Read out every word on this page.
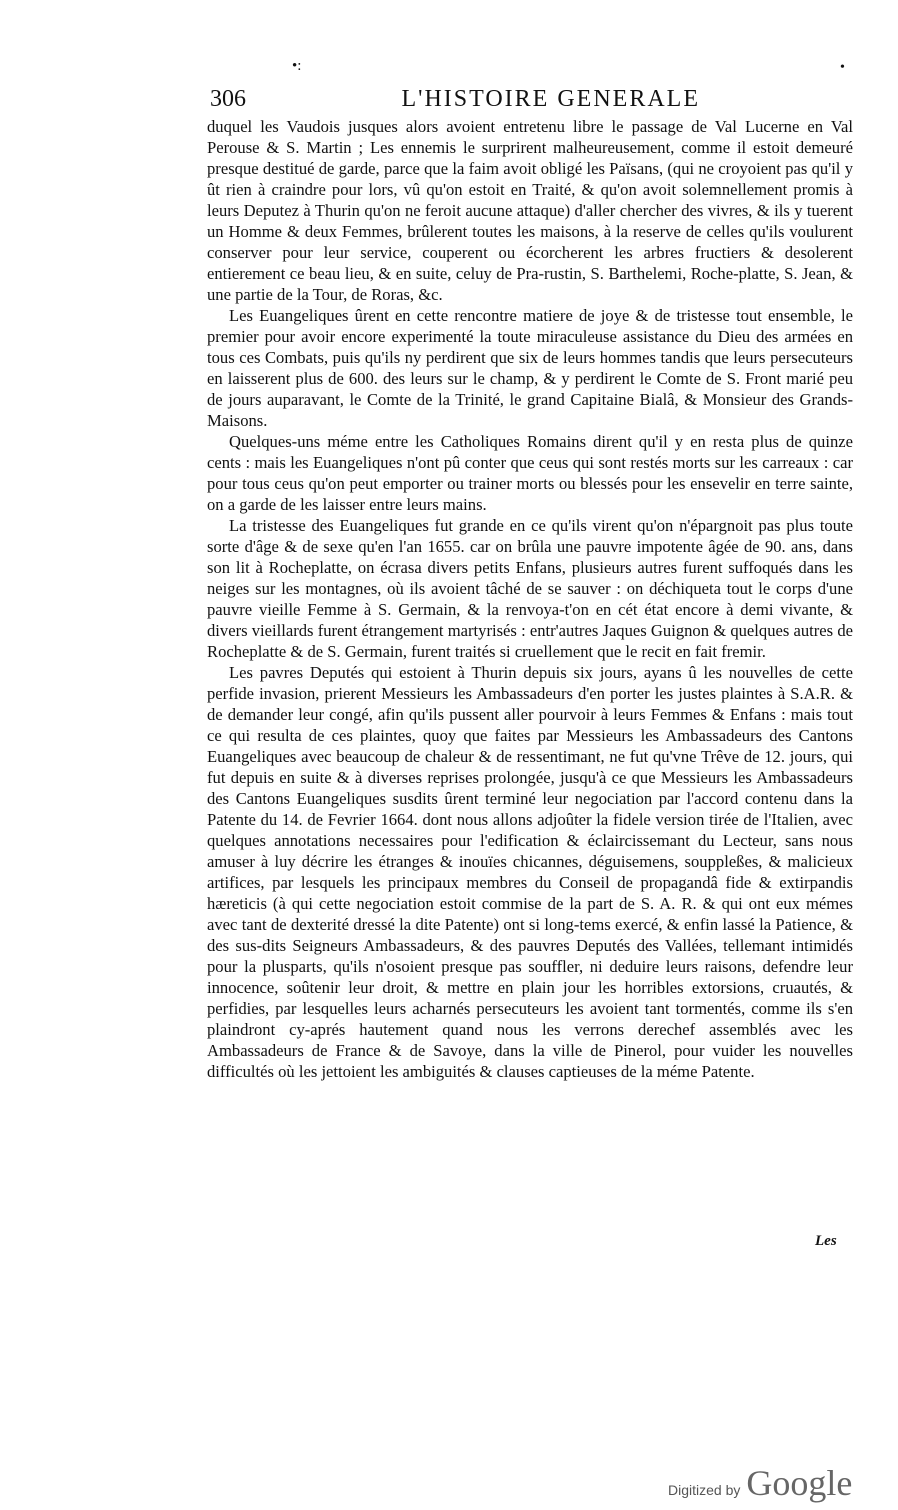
•:	•
306	L'HISTOIRE GENERALE

duquel les Vaudois jusques alors avoient entretenu libre le passage de Val Lucerne en Val Perouse & S. Martin ; Les ennemis le surprirent malheureusement, comme il estoit demeuré presque destitué de garde, parce que la faim avoit obligé les Païsans, (qui ne croyoient pas qu'il y ût rien à craindre pour lors, vû qu'on estoit en Traité, & qu'on avoit solemnellement promis à leurs Deputez à Thurin qu'on ne feroit aucune attaque) d'aller chercher des vivres, & ils y tuerent un Homme & deux Femmes, brûlerent toutes les maisons, à la reserve de celles qu'ils voulurent conserver pour leur service, couperent ou écorcherent les arbres fructiers & desolerent entierement ce beau lieu, & en suite, celuy de Pra-rustin, S. Barthelemi, Roche-platte, S. Jean, & une partie de la Tour, de Roras, &c.

Les Euangeliques ûrent en cette rencontre matiere de joye & de tristesse tout ensemble, le premier pour avoir encore experimenté la toute miraculeuse assistance du Dieu des armées en tous ces Combats, puis qu'ils ny perdirent que six de leurs hommes tandis que leurs persecuteurs en laisserent plus de 600. des leurs sur le champ, & y perdirent le Comte de S. Front marié peu de jours auparavant, le Comte de la Trinité, le grand Capitaine Bialâ, & Monsieur des Grands-Maisons.

Quelques-uns méme entre les Catholiques Romains dirent qu'il y en resta plus de quinze cents : mais les Euangeliques n'ont pû conter que ceus qui sont restés morts sur les carreaux : car pour tous ceus qu'on peut emporter ou trainer morts ou blessés pour les ensevelir en terre sainte, on a garde de les laisser entre leurs mains.

La tristesse des Euangeliques fut grande en ce qu'ils virent qu'on n'épargnoit pas plus toute sorte d'âge & de sexe qu'en l'an 1655. car on brûla une pauvre impotente âgée de 90. ans, dans son lit à Rocheplatte, on écrasa divers petits Enfans, plusieurs autres furent suffoqués dans les neiges sur les montagnes, où ils avoient tâché de se sauver : on déchiqueta tout le corps d'une pauvre vieille Femme à S. Germain, & la renvoya-t'on en cét état encore à demi vivante, & divers vieillards furent étrangement martyrisés : entr'autres Jaques Guignon & quelques autres de Rocheplatte & de S. Germain, furent traités si cruellement que le recit en fait fremir.

Les pavres Deputés qui estoient à Thurin depuis six jours, ayans û les nouvelles de cette perfide invasion, prierent Messieurs les Ambassadeurs d'en porter les justes plaintes à S.A.R. & de demander leur congé, afin qu'ils pussent aller pourvoir à leurs Femmes & Enfans : mais tout ce qui resulta de ces plaintes, quoy que faites par Messieurs les Ambassadeurs des Cantons Euangeliques avec beaucoup de chaleur & de ressentimant, ne fut qu'vne Trêve de 12. jours, qui fut depuis en suite & à diverses reprises prolongée, jusqu'à ce que Messieurs les Ambassadeurs des Cantons Euangeliques susdits ûrent terminé leur negociation par l'accord contenu dans la Patente du 14. de Fevrier 1664. dont nous allons adjoûter la fidele version tirée de l'Italien, avec quelques annotations necessaires pour l'edification & éclaircissemant du Lecteur, sans nous amuser à luy décrire les étranges & inouïes chicannes, déguisemens, souppleßes, & malicieux artifices, par lesquels les principaux membres du Conseil de propagandâ fide & extirpandis hæreticis (à qui cette negociation estoit commise de la part de S. A. R. & qui ont eux mémes avec tant de dexterité dressé la dite Patente) ont si long-tems exercé, & enfin lassé la Patience, & des sus-dits Seigneurs Ambassadeurs, & des pauvres Deputés des Vallées, tellemant intimidés pour la plusparts, qu'ils n'osoient presque pas souffler, ni deduire leurs raisons, defendre leur innocence, soûtenir leur droit, & mettre en plain jour les horribles extorsions, cruautés, & perfidies, par lesquelles leurs acharnés persecuteurs les avoient tant tormentés, comme ils s'en plaindront cy-aprés hautement quand nous les verrons derechef assemblés avec les Ambassadeurs de France & de Savoye, dans la ville de Pinerol, pour vuider les nouvelles difficultés où les jettoient les ambiguités & clauses captieuses de la méme Patente.

Les
Digitized by Google
